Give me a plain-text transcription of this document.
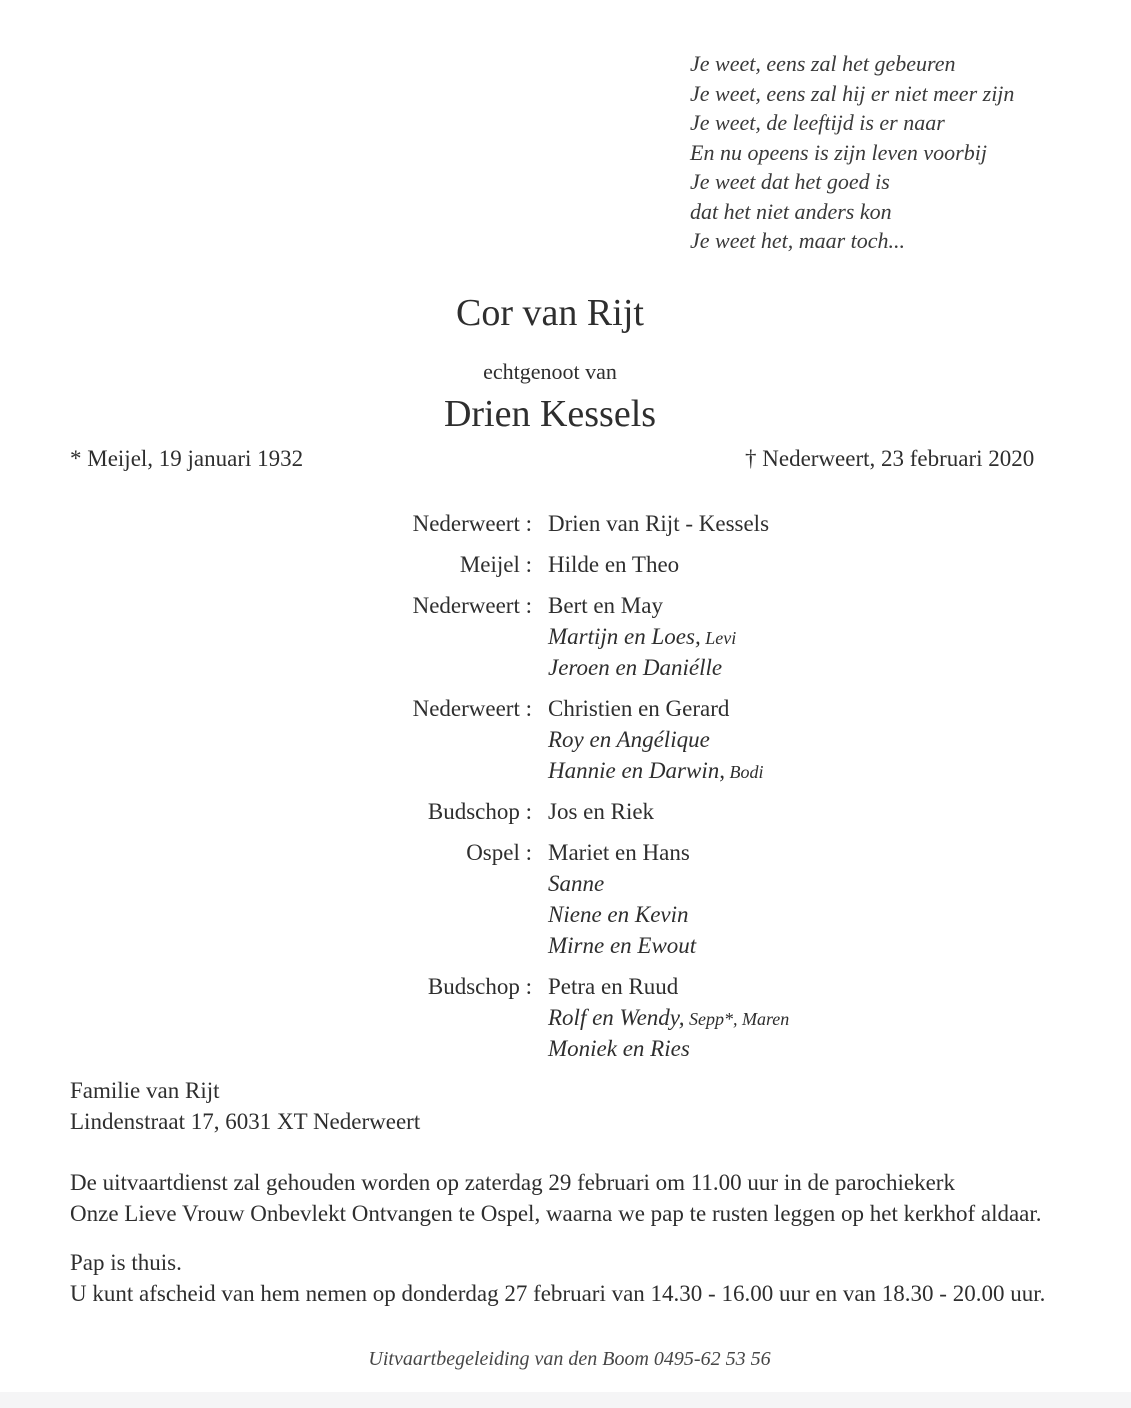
Je weet, eens zal het gebeuren
Je weet, eens zal hij er niet meer zijn
Je weet, de leeftijd is er naar
En nu opeens is zijn leven voorbij
Je weet dat het goed is
dat het niet anders kon
Je weet het, maar toch...
Cor van Rijt
echtgenoot van
Drien Kessels
* Meijel, 19 januari 1932	† Nederweert, 23 februari 2020
Nederweert : Drien van Rijt - Kessels
Meijel : Hilde en Theo
Nederweert : Bert en May
Martijn en Loes, Levi
Jeroen en Daniélle
Nederweert : Christien en Gerard
Roy en Angélique
Hannie en Darwin, Bodi
Budschop : Jos en Riek
Ospel : Mariet en Hans
Sanne
Niene en Kevin
Mirne en Ewout
Budschop : Petra en Ruud
Rolf en Wendy, Sepp*, Maren
Moniek en Ries
Familie van Rijt
Lindenstraat 17, 6031 XT Nederweert
De uitvaartdienst zal gehouden worden op zaterdag 29 februari om 11.00 uur in de parochiekerk
Onze Lieve Vrouw Onbevlekt Ontvangen te Ospel, waarna we pap te rusten leggen op het kerkhof aldaar.
Pap is thuis.
U kunt afscheid van hem nemen op donderdag 27 februari van 14.30 - 16.00 uur en van 18.30 - 20.00 uur.
Uitvaartbegeleiding van den Boom 0495-62 53 56
